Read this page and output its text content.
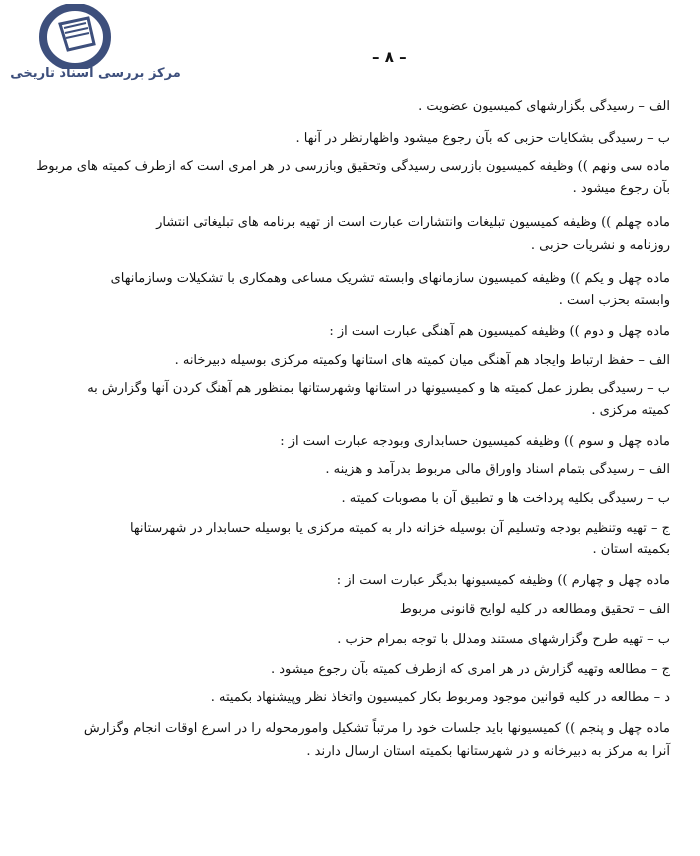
مرکز بررسی اسناد تاریخی
– ٨ –
الف – رسیدگی بگزارشهای کمیسیون عضویت .
ب – رسیدگی بشکایات حزبی که بآن رجوع میشود واظهارنظر در آنها .
ماده سی ونهم )) وظیفه کمیسیون بازرسی رسیدگی وتحقیق وبازرسی در هر امری است که ازطرف کمیته های مربوط
بآن رجوع میشود .
ماده چهلم )) وظیفه کمیسیون تبلیغات وانتشارات عبارت است از تهیه برنامه های تبلیغاتی انتشار
روزنامه و نشریات حزبی .
ماده چهل و یکم )) وظیفه کمیسیون سازمانهای وابسته تشریک مساعی وهمکاری با تشکیلات وسازمانهای
وابسته بحزب است .
ماده چهل و دوم )) وظیفه کمیسیون هم آهنگی عبارت است از :
الف – حفظ ارتباط وایجاد هم آهنگی میان کمیته های استانها وکمیته مرکزی بوسیله دبیرخانه .
ب – رسیدگی بطرز عمل کمیته ها و کمیسیونها در استانها وشهرستانها بمنظور هم آهنگ کردن آنها وگزارش به
کمیته مرکزی .
ماده چهل و سوم )) وظیفه کمیسیون حسابداری وبودجه عبارت است از :
الف – رسیدگی بتمام اسناد واوراق مالی مربوط بدرآمد و هزینه .
ب – رسیدگی بکلیه پرداخت ها و تطبیق آن با مصوبات کمیته .
ج – تهیه وتنظیم بودجه وتسلیم آن بوسیله خزانه دار به کمیته مرکزی یا بوسیله حسابدار در شهرستانها
بکمیته استان .
ماده چهل و چهارم )) وظیفه کمیسیونها بدیگر عبارت است از :
الف – تحقیق ومطالعه در کلیه لوایح قانونی مربوط
ب – تهیه طرح وگزارشهای مستند ومدلل با توجه بمرام حزب .
ج – مطالعه وتهیه گزارش در هر امری که ازطرف کمیته بآن رجوع میشود .
د – مطالعه در کلیه قوانین موجود ومربوط بکار کمیسیون واتخاذ نظر وپیشنهاد بکمیته .
ماده چهل و پنجم )) کمیسیونها باید جلسات خود را مرتباً تشکیل وامورمحوله را در اسرع اوقات انجام وگزارش
آنرا به مرکز به دبیرخانه و در شهرستانها بکمیته استان ارسال دارند .
